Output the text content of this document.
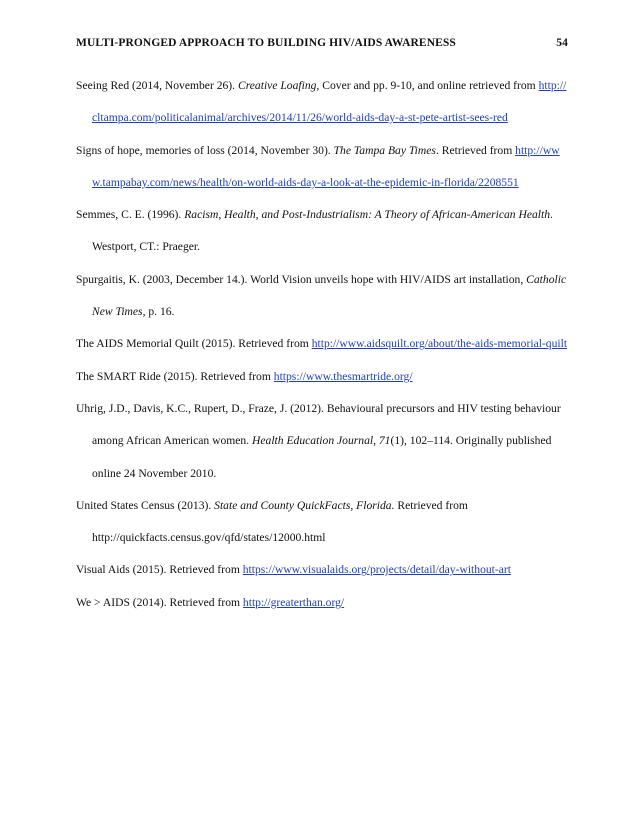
MULTI-PRONGED APPROACH TO BUILDING HIV/AIDS AWARENESS	54

Seeing Red (2014, November 26). Creative Loafing, Cover and pp. 9-10, and online retrieved from http://cltampa.com/politicalanimal/archives/2014/11/26/world-aids-day-a-st-pete-artist-sees-red

Signs of hope, memories of loss (2014, November 30). The Tampa Bay Times. Retrieved from http://www.tampabay.com/news/health/on-world-aids-day-a-look-at-the-epidemic-in-florida/2208551

Semmes, C. E. (1996). Racism, Health, and Post-Industrialism: A Theory of African-American Health. Westport, CT.: Praeger.

Spurgaitis, K. (2003, December 14.). World Vision unveils hope with HIV/AIDS art installation, Catholic New Times, p. 16.

The AIDS Memorial Quilt (2015). Retrieved from http://www.aidsquilt.org/about/the-aids-memorial-quilt

The SMART Ride (2015). Retrieved from https://www.thesmartride.org/

Uhrig, J.D., Davis, K.C., Rupert, D., Fraze, J. (2012). Behavioural precursors and HIV testing behaviour among African American women. Health Education Journal, 71(1), 102–114. Originally published online 24 November 2010.

United States Census (2013). State and County QuickFacts, Florida. Retrieved from http://quickfacts.census.gov/qfd/states/12000.html

Visual Aids (2015). Retrieved from https://www.visualaids.org/projects/detail/day-without-art

We > AIDS (2014). Retrieved from http://greaterthan.org/
